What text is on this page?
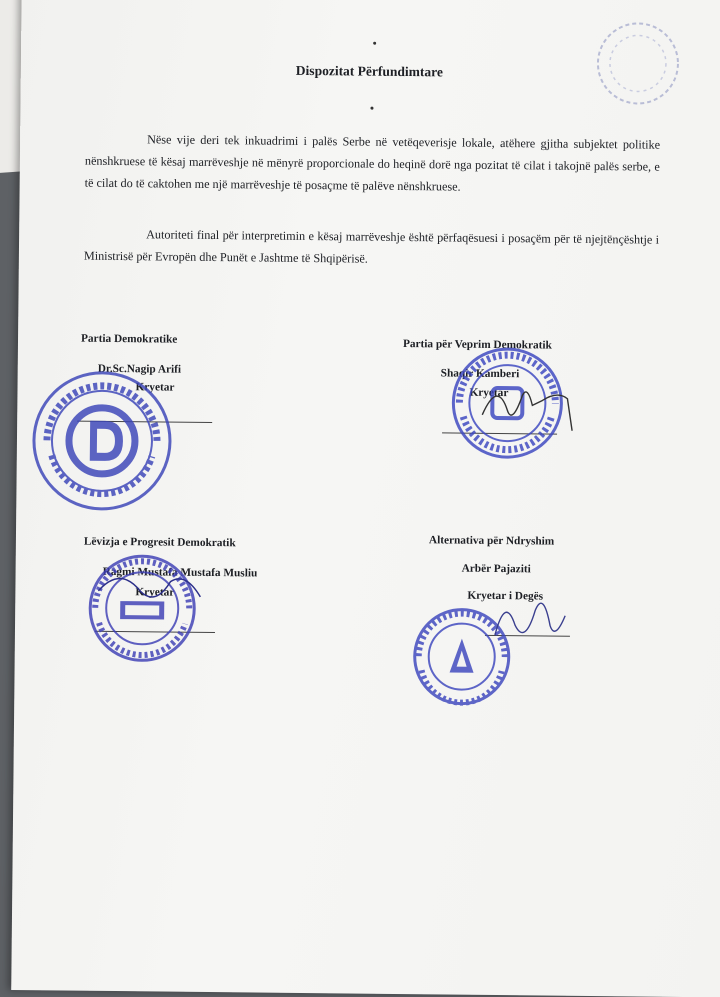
Dispozitat Përfundimtare

Nëse vije deri tek inkuadrimi i palës Serbe në vetëqeverisje lokale, atëhere gjitha subjektet politike nënshkruese të kësaj marrëveshje në mënyrë proporcionale do heqinë dorë nga pozitat të cilat i takojnë palës serbe, e të cilat do të caktohen me një marrëveshje të posaçme të palëve nënshkruese.

Autoriteti final për interpretimin e kësaj marrëveshje është përfaqësuesi i posaçëm për të njejtënçështje i Ministrisë për Evropën dhe Punët e Jashtme të Shqipërisë.

Partia Demokratike
Dr.Sc.Nagip Arifi
Kryetar
Partia për Veprim Demokratik
Shaqir Kamberi
Kryetar
Lëvizja e Progresit Demokratik
Ragmi Mustafa Mustafa Musliu
Kryetar
Alternativa për Ndryshim
Arbër Pajaziti
Kryetar i Degës
